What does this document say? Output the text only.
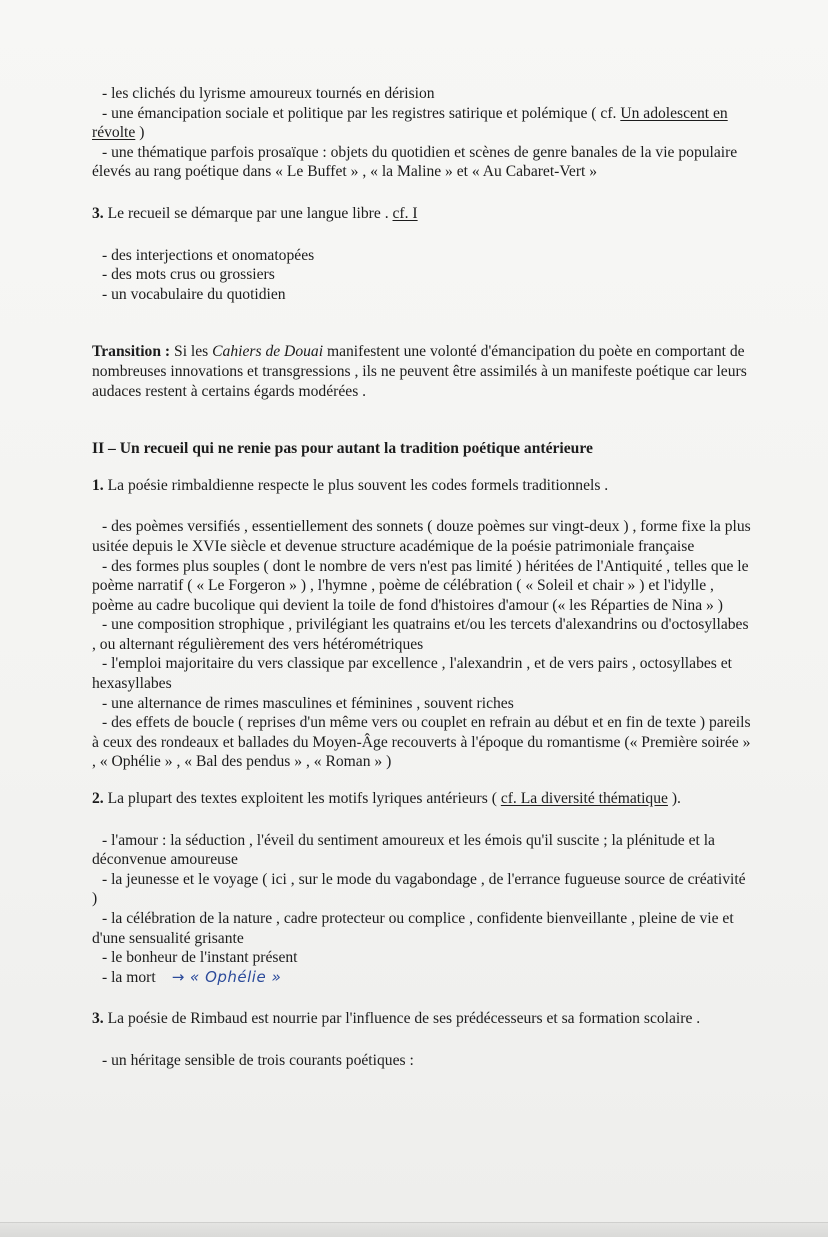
- les clichés du lyrisme amoureux tournés en dérision

- une émancipation sociale et politique par les registres satirique et polémique ( cf. Un adolescent en révolte )

- une thématique parfois prosaïque : objets du quotidien et scènes de genre banales de la vie populaire élevés au rang poétique dans « Le Buffet » , « la Maline » et « Au Cabaret-Vert »

3. Le recueil se démarque par une langue libre . cf. I

- des interjections et onomatopées

- des mots crus ou grossiers

- un vocabulaire du quotidien

Transition : Si les Cahiers de Douai manifestent une volonté d'émancipation du poète en comportant de nombreuses innovations et transgressions , ils ne peuvent être assimilés à un manifeste poétique car leurs audaces restent à certains égards modérées .

II – Un recueil qui ne renie pas pour autant la tradition poétique antérieure

1. La poésie rimbaldienne respecte le plus souvent les codes formels traditionnels .

- des poèmes versifiés , essentiellement des sonnets ( douze poèmes sur vingt-deux ) , forme fixe la plus usitée depuis le XVIe siècle et devenue structure académique de la poésie patrimoniale française

- des formes plus souples ( dont le nombre de vers n'est pas limité ) héritées de l'Antiquité , telles que le poème narratif ( « Le Forgeron » ) , l'hymne , poème de célébration ( « Soleil et chair » ) et l'idylle , poème au cadre bucolique qui devient la toile de fond d'histoires d'amour (« les Réparties de Nina » )

- une composition strophique , privilégiant les quatrains et/ou les tercets d'alexandrins ou d'octosyllabes , ou alternant régulièrement des vers hétérométriques

- l'emploi majoritaire du vers classique par excellence , l'alexandrin , et de vers pairs , octosyllabes et hexasyllabes

- une alternance de rimes masculines et féminines , souvent riches

- des effets de boucle ( reprises d'un même vers ou couplet en refrain au début et en fin de texte ) pareils à ceux des rondeaux et ballades du Moyen-Âge recouverts à l'époque du romantisme (« Première soirée » , « Ophélie » , « Bal des pendus » , « Roman » )

2. La plupart des textes exploitent les motifs lyriques antérieurs ( cf. La diversité thématique ).

- l'amour : la séduction , l'éveil du sentiment amoureux et les émois qu'il suscite ; la plénitude et la déconvenue amoureuse

- la jeunesse et le voyage ( ici , sur le mode du vagabondage , de l'errance fugueuse source de créativité )

- la célébration de la nature , cadre protecteur ou complice , confidente bienveillante , pleine de vie et d'une sensualité grisante

- le bonheur de l'instant présent

- la mort → « Ophélie »

3. La poésie de Rimbaud est nourrie par l'influence de ses prédécesseurs et sa formation scolaire .

- un héritage sensible de trois courants poétiques :
